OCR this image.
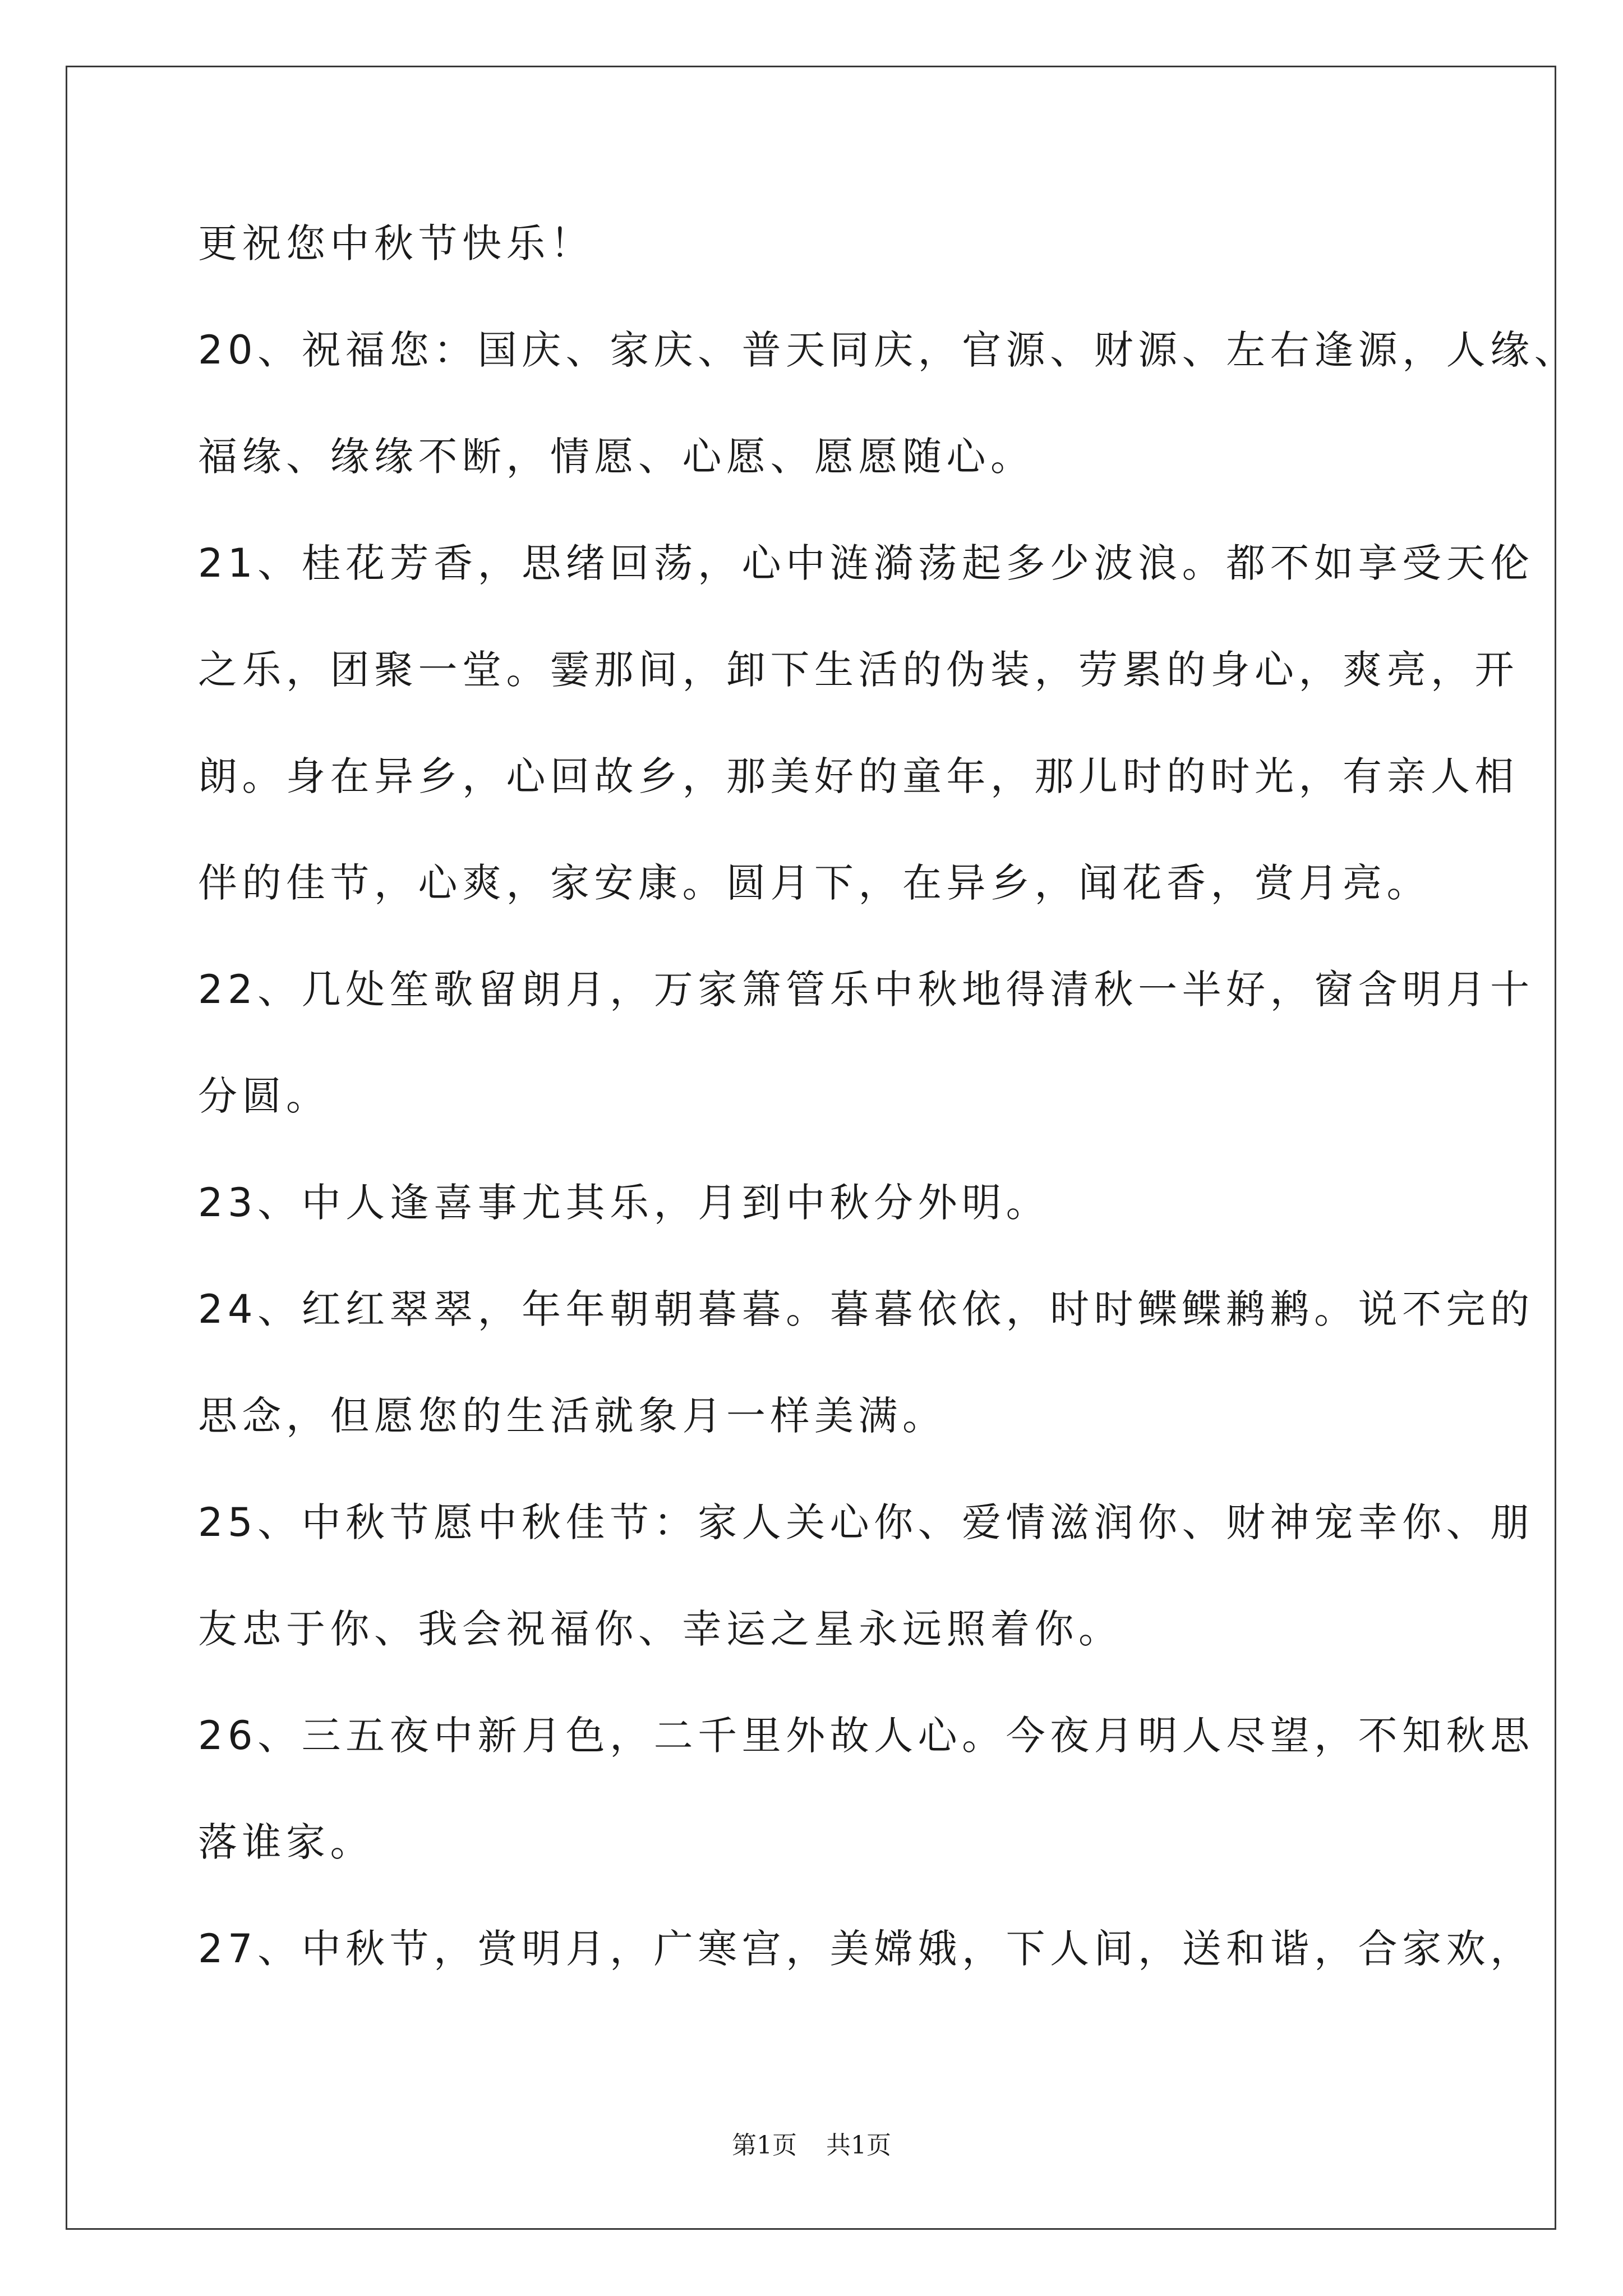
更祝您中秋节快乐！
20、祝福您：国庆、家庆、普天同庆，官源、财源、左右逢源，人缘、
福缘、缘缘不断，情愿、心愿、愿愿随心。
21、桂花芳香，思绪回荡，心中涟漪荡起多少波浪。都不如享受天伦
之乐，团聚一堂。霎那间，卸下生活的伪装，劳累的身心，爽亮，开
朗。身在异乡，心回故乡，那美好的童年，那儿时的时光，有亲人相
伴的佳节，心爽，家安康。圆月下，在异乡，闻花香，赏月亮。
22、几处笙歌留朗月，万家箫管乐中秋地得清秋一半好，窗含明月十
分圆。
23、中人逢喜事尤其乐，月到中秋分外明。
24、红红翠翠，年年朝朝暮暮。暮暮依依，时时鲽鲽鹣鹣。说不完的
思念，但愿您的生活就象月一样美满。
25、中秋节愿中秋佳节：家人关心你、爱情滋润你、财神宠幸你、朋
友忠于你、我会祝福你、幸运之星永远照着你。
26、三五夜中新月色，二千里外故人心。今夜月明人尽望，不知秋思
落谁家。
27、中秋节，赏明月，广寒宫，美嫦娥，下人间，送和谐，合家欢，
第1页 共1页
